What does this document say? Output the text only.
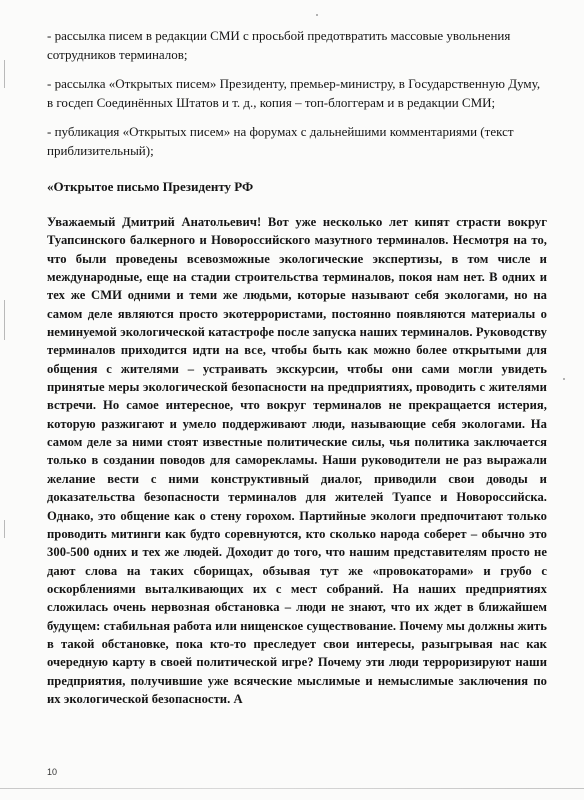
- рассылка писем в редакции СМИ с просьбой предотвратить массовые увольнения сотрудников терминалов;

- рассылка «Открытых писем» Президенту, премьер-министру, в Государственную Думу, в госдеп Соединённых Штатов и т. д., копия – топ-блоггерам и в редакции СМИ;

- публикация «Открытых писем» на форумах с дальнейшими комментариями (текст приблизительный);

«Открытое письмо Президенту РФ

Уважаемый Дмитрий Анатольевич! Вот уже несколько лет кипят страсти вокруг Туапсинского балкерного и Новороссийского мазутного терминалов. Несмотря на то, что были проведены всевозможные экологические экспертизы, в том числе и международные, еще на стадии строительства терминалов, покоя нам нет. В одних и тех же СМИ одними и теми же людьми, которые называют себя экологами, но на самом деле являются просто экотеррористами, постоянно появляются материалы о неминуемой экологической катастрофе после запуска наших терминалов. Руководству терминалов приходится идти на все, чтобы быть как можно более открытыми для общения с жителями – устраивать экскурсии, чтобы они сами могли увидеть принятые меры экологической безопасности на предприятиях, проводить с жителями встречи. Но самое интересное, что вокруг терминалов не прекращается истерия, которую разжигают и умело поддерживают люди, называющие себя экологами. На самом деле за ними стоят известные политические силы, чья политика заключается только в создании поводов для саморекламы. Наши руководители не раз выражали желание вести с ними конструктивный диалог, приводили свои доводы и доказательства безопасности терминалов для жителей Туапсе и Новороссийска. Однако, это общение как о стену горохом. Партийные экологи предпочитают только проводить митинги как будто соревнуются, кто сколько народа соберет – обычно это 300-500 одних и тех же людей. Доходит до того, что нашим представителям просто не дают слова на таких сборищах, обзывая тут же «провокаторами» и грубо с оскорблениями выталкивающих их с мест собраний. На наших предприятиях сложилась очень нервозная обстановка – люди не знают, что их ждет в ближайшем будущем: стабильная работа или нищенское существование. Почему мы должны жить в такой обстановке, пока кто-то преследует свои интересы, разыгрывая нас как очередную карту в своей политической игре? Почему эти люди терроризируют наши предприятия, получившие уже всяческие мыслимые и немыслимые заключения по их экологической безопасности. А

10
